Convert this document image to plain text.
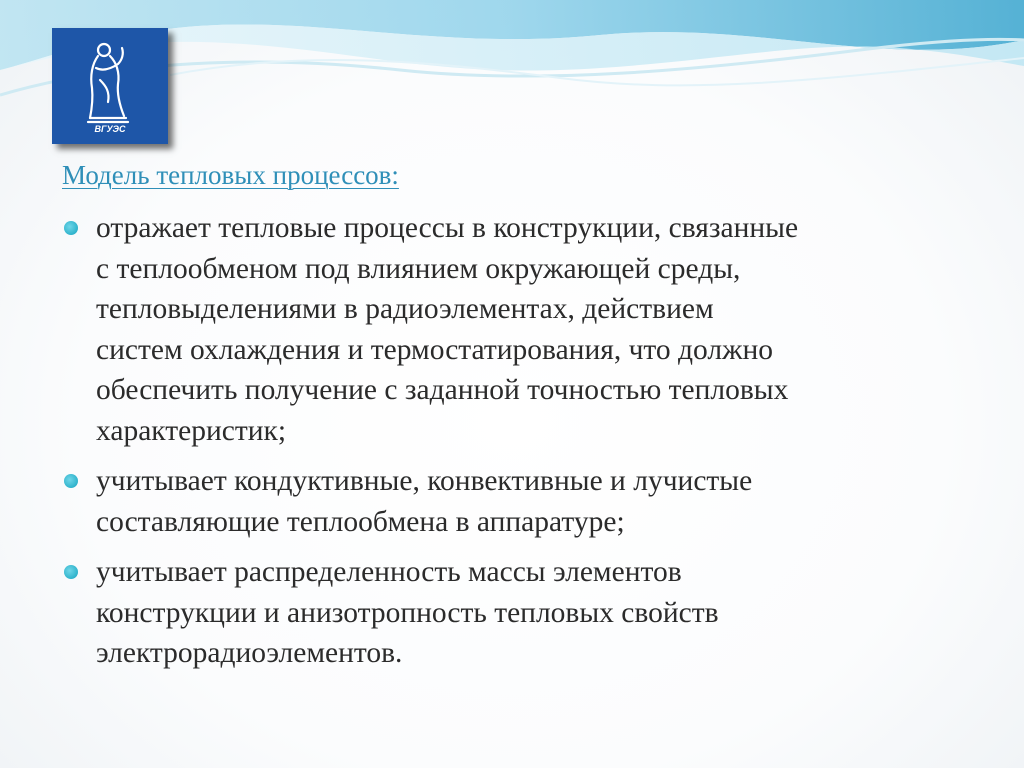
ВГУЭС
Модель тепловых процессов:
отражает тепловые процессы в конструкции, связанные
с теплообменом под влиянием окружающей среды,
тепловыделениями в радиоэлементах, действием
систем охлаждения и термостатирования, что должно
обеспечить получение с заданной точностью тепловых
характеристик;
учитывает кондуктивные, конвективные и лучистые
составляющие теплообмена в аппаратуре;
учитывает распределенность массы элементов
конструкции и анизотропность тепловых свойств
электрорадиоэлементов.
